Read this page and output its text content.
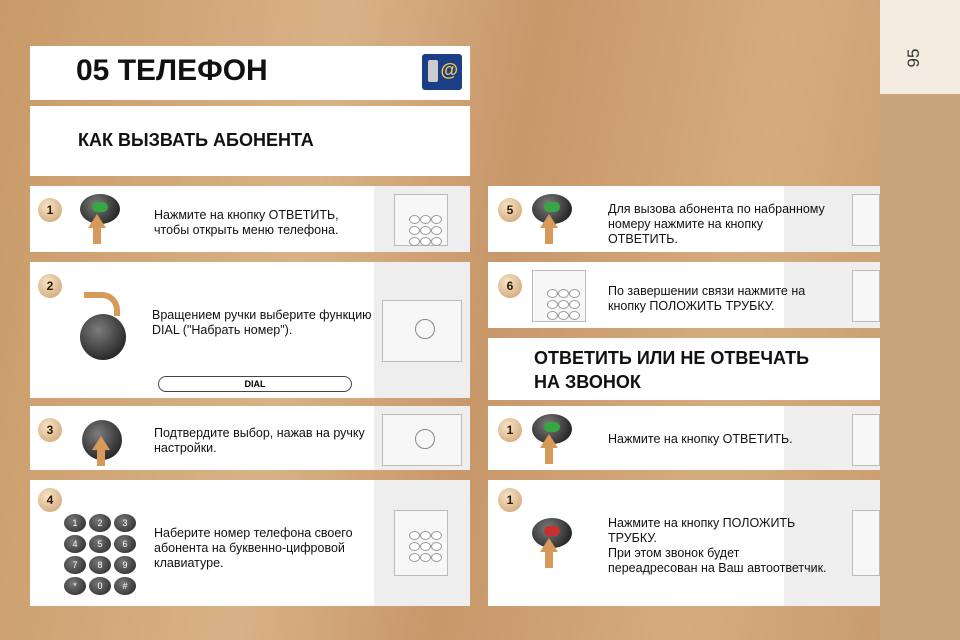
95
05 ТЕЛЕФОН	@
КАК ВЫЗВАТЬ АБОНЕНТА
Нажмите на кнопку ОТВЕТИТЬ,
чтобы открыть меню телефона.
1
Вращением ручки выберите функцию
DIAL ("Набрать номер").
2
DIAL
Подтвердите выбор, нажав на ручку
настройки.
3
Наберите номер телефона своего
абонента на буквенно-цифровой
клавиатуре.
4
1	2	3
4	5	6
7	8	9
*	0	#
Для вызова абонента по набранному
номеру нажмите на кнопку
ОТВЕТИТЬ.
5
По завершении связи нажмите на
кнопку ПОЛОЖИТЬ ТРУБКУ.
6
ОТВЕТИТЬ ИЛИ НЕ ОТВЕЧАТЬ
НА ЗВОНОК
Нажмите на кнопку ОТВЕТИТЬ.
1
Нажмите на кнопку ПОЛОЖИТЬ
ТРУБКУ.
При этом звонок будет
переадресован на Ваш автоответчик.
1
